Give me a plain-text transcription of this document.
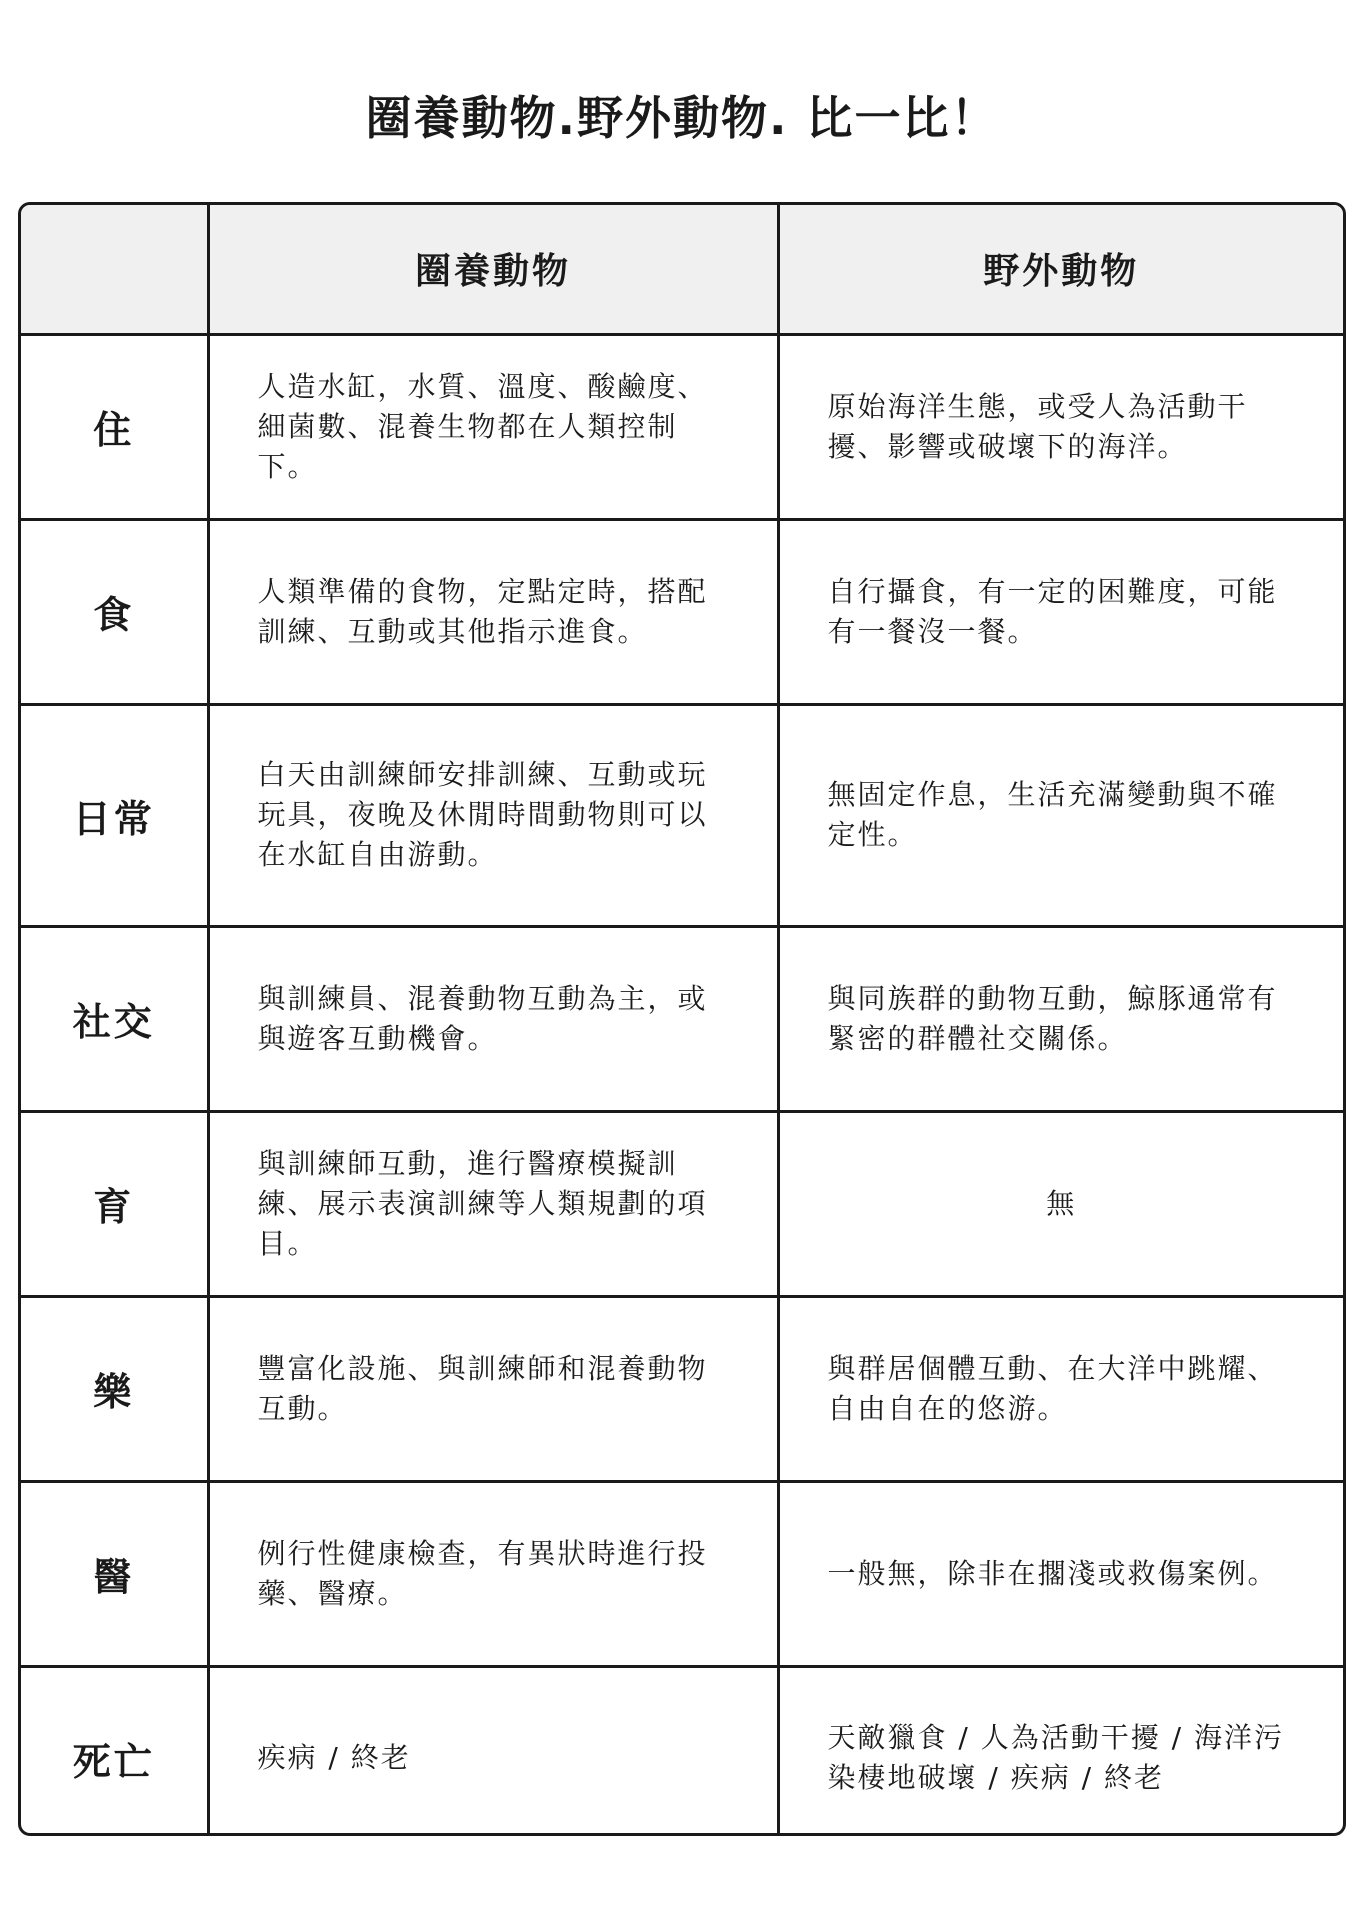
圈養動物.野外動物. 比一比！
	圈養動物	野外動物
住	人造水缸，水質、溫度、酸鹼度、細菌數、混養生物都在人類控制下。	原始海洋生態，或受人為活動干擾、影響或破壞下的海洋。
食	人類準備的食物，定點定時，搭配訓練、互動或其他指示進食。	自行攝食，有一定的困難度，可能有一餐沒一餐。
日常	白天由訓練師安排訓練、互動或玩玩具，夜晚及休閒時間動物則可以在水缸自由游動。	無固定作息，生活充滿變動與不確定性。
社交	與訓練員、混養動物互動為主，或與遊客互動機會。	與同族群的動物互動，鯨豚通常有緊密的群體社交關係。
育	與訓練師互動，進行醫療模擬訓練、展示表演訓練等人類規劃的項目。	無
樂	豐富化設施、與訓練師和混養動物互動。	與群居個體互動、在大洋中跳耀、自由自在的悠游。
醫	例行性健康檢查，有異狀時進行投藥、醫療。	一般無，除非在擱淺或救傷案例。
死亡	疾病 / 終老	天敵獵食 / 人為活動干擾 / 海洋污染棲地破壞 / 疾病 / 終老
